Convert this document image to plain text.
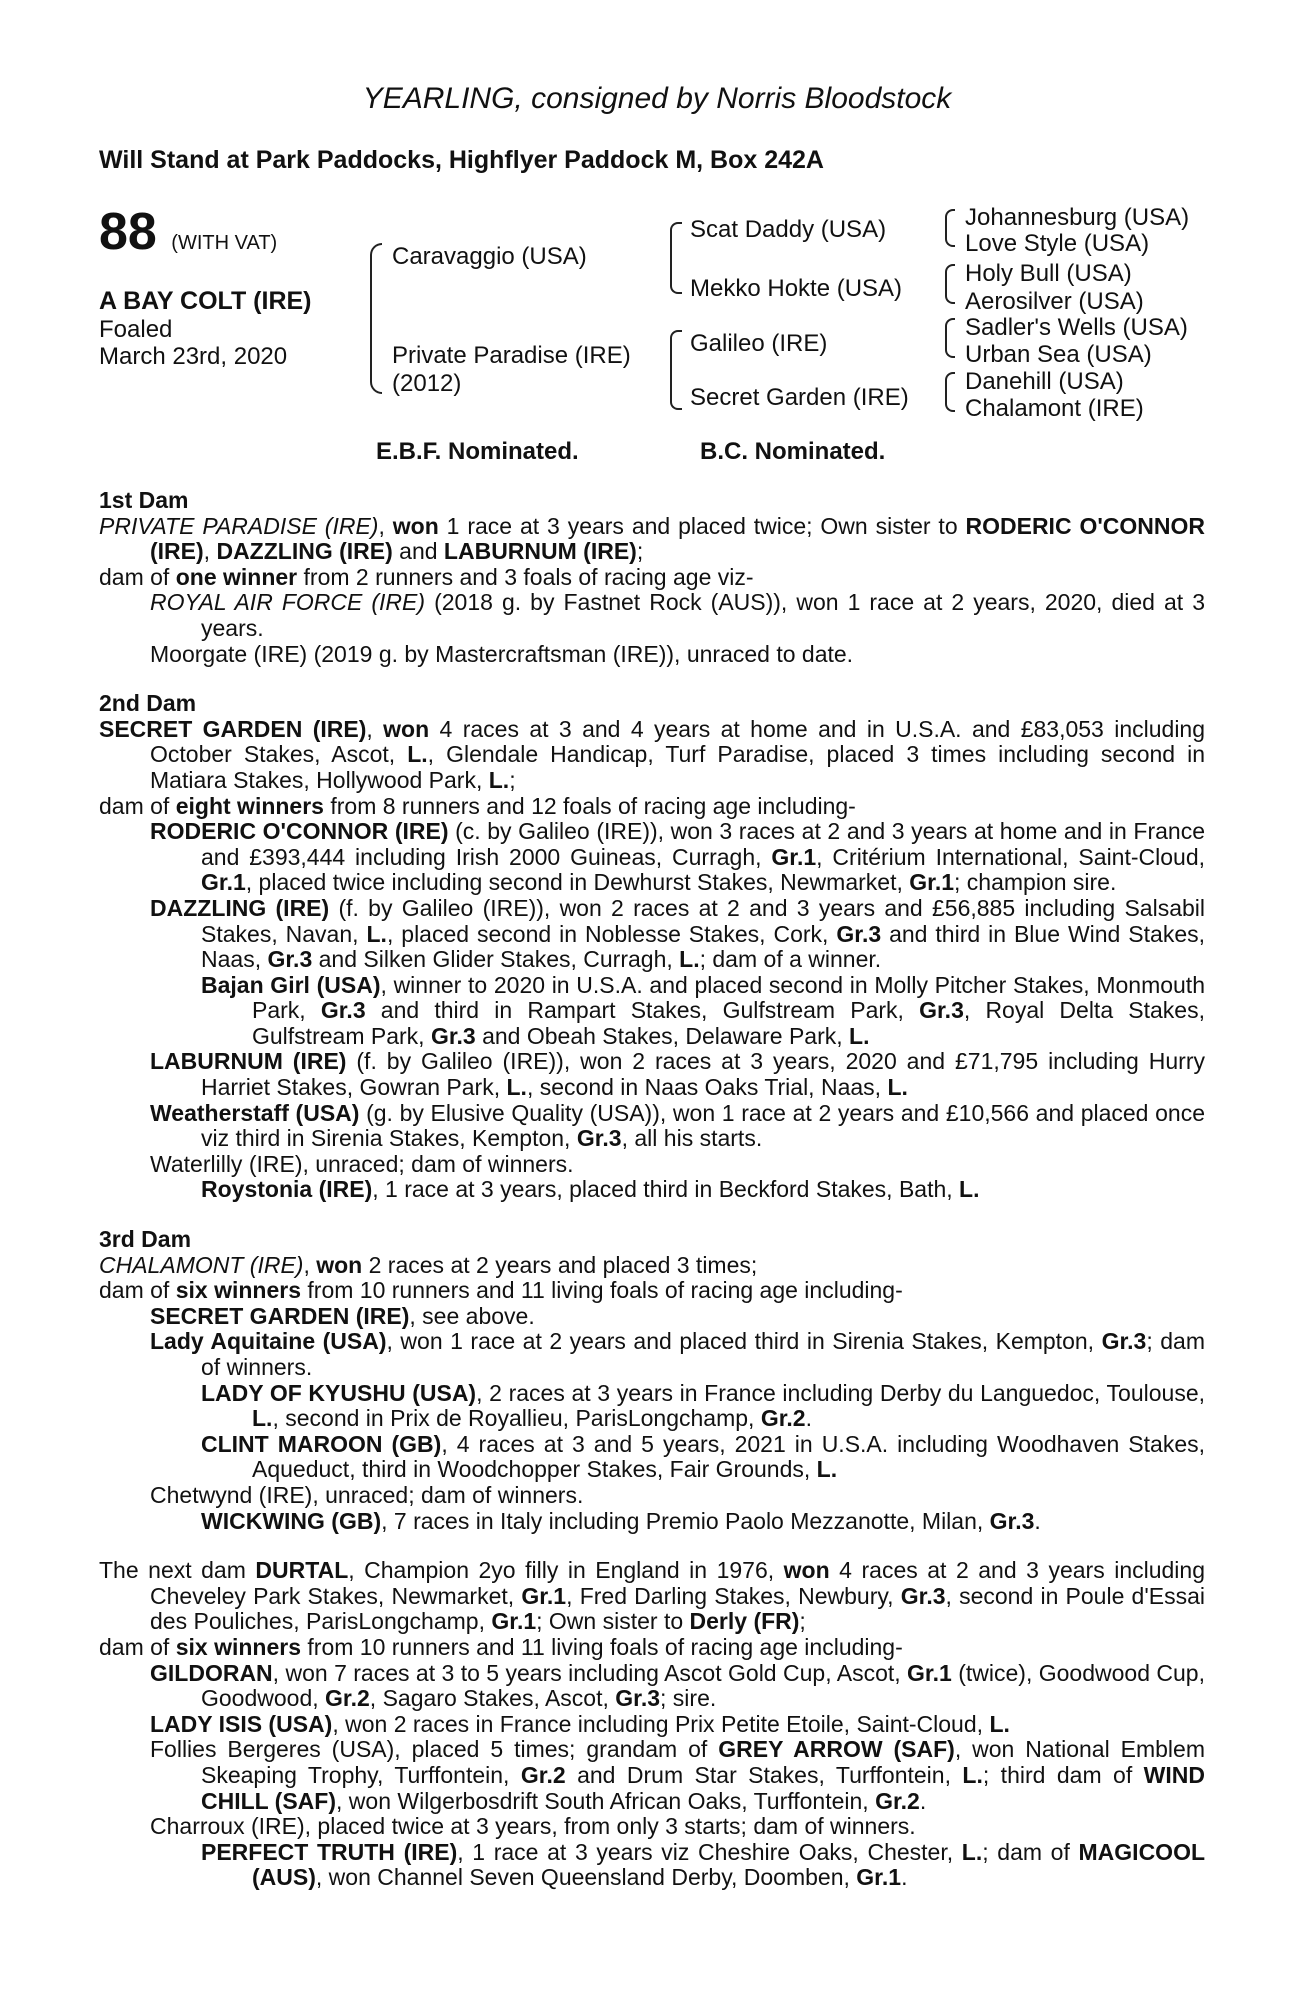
YEARLING, consigned by Norris Bloodstock
Will Stand at Park Paddocks, Highflyer Paddock M, Box 242A
88 (WITH VAT)
A BAY COLT (IRE)
Foaled
March 23rd, 2020
Caravaggio (USA)
Private Paradise (IRE)
(2012)
Scat Daddy (USA)
Mekko Hokte (USA)
Galileo (IRE)
Secret Garden (IRE)
Johannesburg (USA)
Love Style (USA)
Holy Bull (USA)
Aerosilver (USA)
Sadler's Wells (USA)
Urban Sea (USA)
Danehill (USA)
Chalamont (IRE)
E.B.F. Nominated.	B.C. Nominated.
1st Dam

PRIVATE PARADISE (IRE), won 1 race at 3 years and placed twice; Own sister to RODERIC O'CONNOR (IRE), DAZZLING (IRE) and LABURNUM (IRE);

dam of one winner from 2 runners and 3 foals of racing age viz-

ROYAL AIR FORCE (IRE) (2018 g. by Fastnet Rock (AUS)), won 1 race at 2 years, 2020, died at 3 years.

Moorgate (IRE) (2019 g. by Mastercraftsman (IRE)), unraced to date.

2nd Dam

SECRET GARDEN (IRE), won 4 races at 3 and 4 years at home and in U.S.A. and £83,053 including October Stakes, Ascot, L., Glendale Handicap, Turf Paradise, placed 3 times including second in Matiara Stakes, Hollywood Park, L.;

dam of eight winners from 8 runners and 12 foals of racing age including-

RODERIC O'CONNOR (IRE) (c. by Galileo (IRE)), won 3 races at 2 and 3 years at home and in France and £393,444 including Irish 2000 Guineas, Curragh, Gr.1, Critérium International, Saint-Cloud, Gr.1, placed twice including second in Dewhurst Stakes, Newmarket, Gr.1; champion sire.

DAZZLING (IRE) (f. by Galileo (IRE)), won 2 races at 2 and 3 years and £56,885 including Salsabil Stakes, Navan, L., placed second in Noblesse Stakes, Cork, Gr.3 and third in Blue Wind Stakes, Naas, Gr.3 and Silken Glider Stakes, Curragh, L.; dam of a winner.

Bajan Girl (USA), winner to 2020 in U.S.A. and placed second in Molly Pitcher Stakes, Monmouth Park, Gr.3 and third in Rampart Stakes, Gulfstream Park, Gr.3, Royal Delta Stakes, Gulfstream Park, Gr.3 and Obeah Stakes, Delaware Park, L.

LABURNUM (IRE) (f. by Galileo (IRE)), won 2 races at 3 years, 2020 and £71,795 including Hurry Harriet Stakes, Gowran Park, L., second in Naas Oaks Trial, Naas, L.

Weatherstaff (USA) (g. by Elusive Quality (USA)), won 1 race at 2 years and £10,566 and placed once viz third in Sirenia Stakes, Kempton, Gr.3, all his starts.

Waterlilly (IRE), unraced; dam of winners.

Roystonia (IRE), 1 race at 3 years, placed third in Beckford Stakes, Bath, L.

3rd Dam

CHALAMONT (IRE), won 2 races at 2 years and placed 3 times;

dam of six winners from 10 runners and 11 living foals of racing age including-

SECRET GARDEN (IRE), see above.

Lady Aquitaine (USA), won 1 race at 2 years and placed third in Sirenia Stakes, Kempton, Gr.3; dam of winners.

LADY OF KYUSHU (USA), 2 races at 3 years in France including Derby du Languedoc, Toulouse, L., second in Prix de Royallieu, ParisLongchamp, Gr.2.

CLINT MAROON (GB), 4 races at 3 and 5 years, 2021 in U.S.A. including Woodhaven Stakes, Aqueduct, third in Woodchopper Stakes, Fair Grounds, L.

Chetwynd (IRE), unraced; dam of winners.

WICKWING (GB), 7 races in Italy including Premio Paolo Mezzanotte, Milan, Gr.3.

The next dam DURTAL, Champion 2yo filly in England in 1976, won 4 races at 2 and 3 years including Cheveley Park Stakes, Newmarket, Gr.1, Fred Darling Stakes, Newbury, Gr.3, second in Poule d'Essai des Pouliches, ParisLongchamp, Gr.1; Own sister to Derly (FR);

dam of six winners from 10 runners and 11 living foals of racing age including-

GILDORAN, won 7 races at 3 to 5 years including Ascot Gold Cup, Ascot, Gr.1 (twice), Goodwood Cup, Goodwood, Gr.2, Sagaro Stakes, Ascot, Gr.3; sire.

LADY ISIS (USA), won 2 races in France including Prix Petite Etoile, Saint-Cloud, L.

Follies Bergeres (USA), placed 5 times; grandam of GREY ARROW (SAF), won National Emblem Skeaping Trophy, Turffontein, Gr.2 and Drum Star Stakes, Turffontein, L.; third dam of WIND CHILL (SAF), won Wilgerbosdrift South African Oaks, Turffontein, Gr.2.

Charroux (IRE), placed twice at 3 years, from only 3 starts; dam of winners.

PERFECT TRUTH (IRE), 1 race at 3 years viz Cheshire Oaks, Chester, L.; dam of MAGICOOL (AUS), won Channel Seven Queensland Derby, Doomben, Gr.1.
